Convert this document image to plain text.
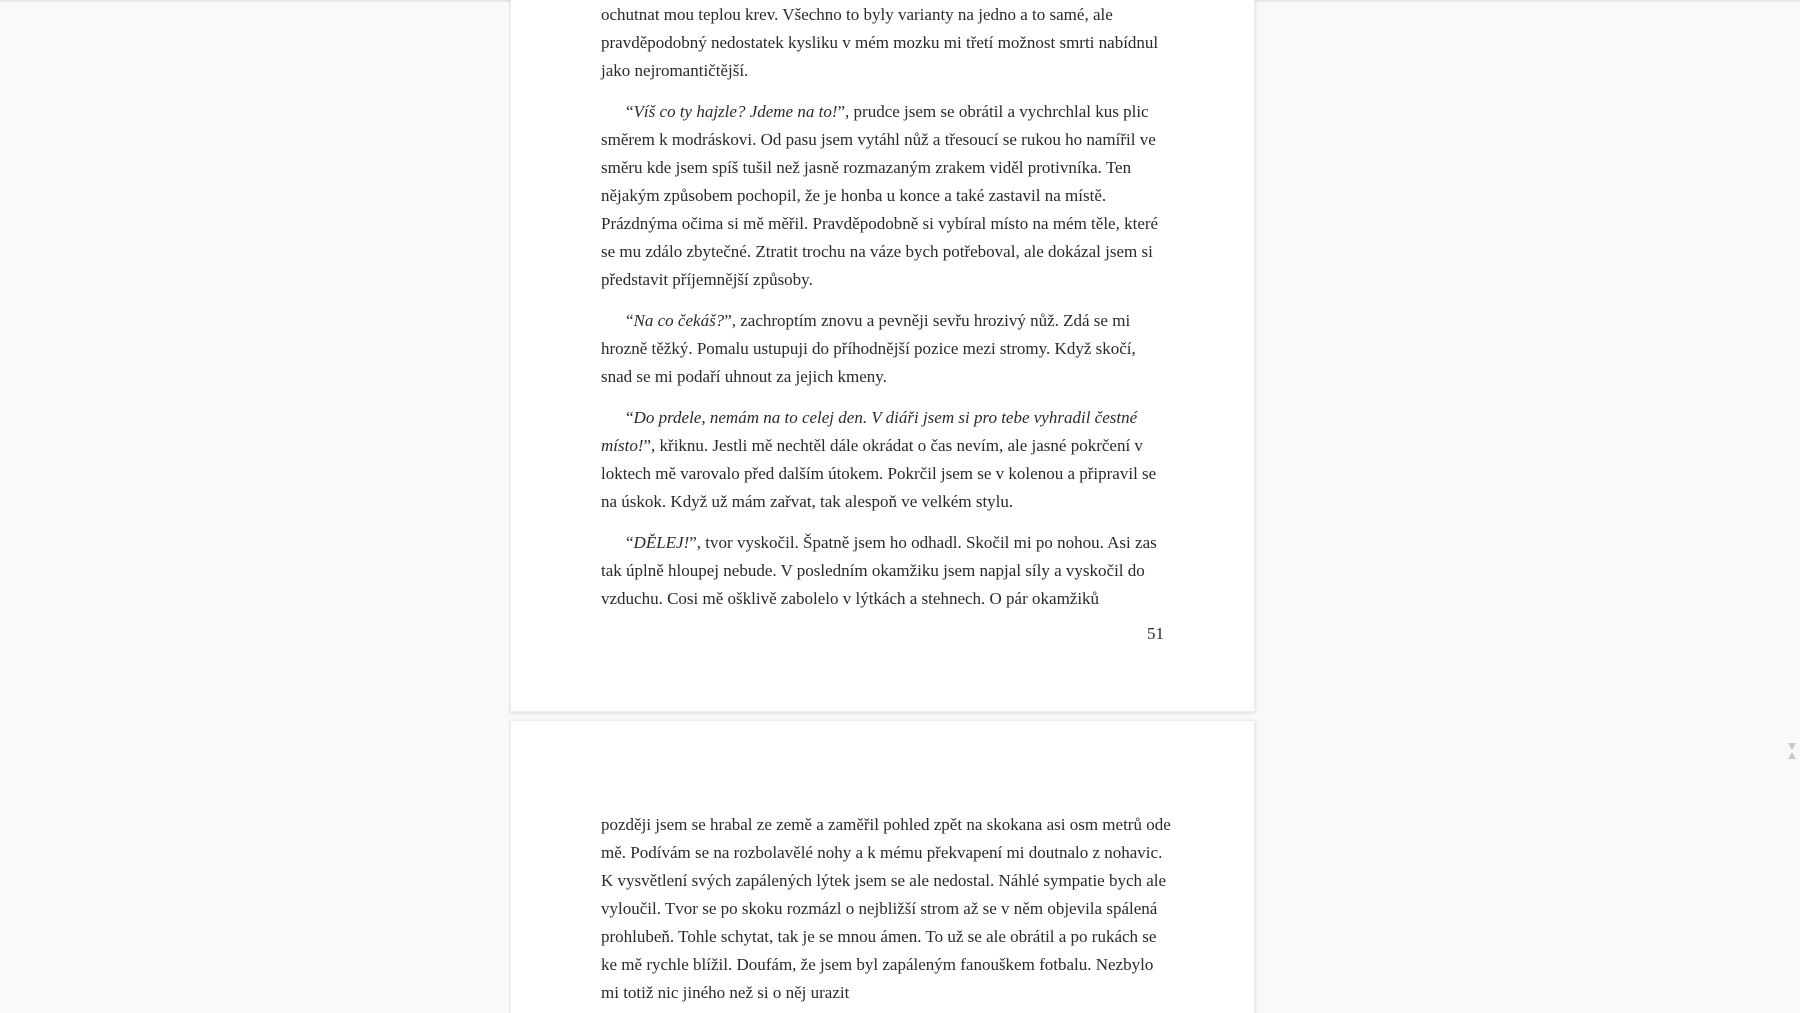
ochutnat mou teplou krev. Všechno to byly varianty na jedno a to samé, ale pravděpodobný nedostatek kysliku v mém mozku mi třetí možnost smrti nabídnul jako nejromantičtější.

“Víš co ty hajzle? Jdeme na to!”, prudce jsem se obrátil a vychrchlal kus plic směrem k modráskovi. Od pasu jsem vytáhl nůž a třesoucí se rukou ho namířil ve směru kde jsem spíš tušil než jasně rozmazaným zrakem viděl protivníka. Ten nějakým způsobem pochopil, že je honba u konce a také zastavil na místě. Prázdnýma očima si mě měřil. Pravděpodobně si vybíral místo na mém těle, které se mu zdálo zbytečné. Ztratit trochu na váze bych potřeboval, ale dokázal jsem si představit příjemnější způsoby.

“Na co čekáš?”, zachroptím znovu a pevněji sevřu hrozivý nůž. Zdá se mi hrozně těžký. Pomalu ustupuji do příhodnější pozice mezi stromy. Když skočí, snad se mi podaří uhnout za jejich kmeny.

“Do prdele, nemám na to celej den. V diáři jsem si pro tebe vyhradil čestné místo!”, křiknu. Jestli mě nechtěl dále okrádat o čas nevím, ale jasné pokrčení v loktech mě varovalo před dalším útokem. Pokrčil jsem se v kolenou a připravil se na úskok. Když už mám zařvat, tak alespoň ve velkém stylu.

“DĚLEJ!”, tvor vyskočil. Špatně jsem ho odhadl. Skočil mi po nohou. Asi zas tak úplně hloupej nebude. V posledním okamžiku jsem napjal síly a vyskočil do vzduchu. Cosi mě ošklivě zabolelo v lýtkách a stehnech. O pár okamžiků

51

později jsem se hrabal ze země a zaměřil pohled zpět na skokana asi osm metrů ode mě. Podívám se na rozbolavělé nohy a k mému překvapení mi doutnalo z nohavic. K vysvětlení svých zapálených lýtek jsem se ale nedostal. Náhlé sympatie bych ale vyloučil. Tvor se po skoku rozmázl o nejbližší strom až se v něm objevila spálená prohlubeň. Tohle schytat, tak je se mnou ámen. To už se ale obrátil a po rukách se ke mě rychle blížil. Doufám, že jsem byl zapáleným fanouškem fotbalu. Nezbylo mi totiž nic jiného než si o něj urazit
